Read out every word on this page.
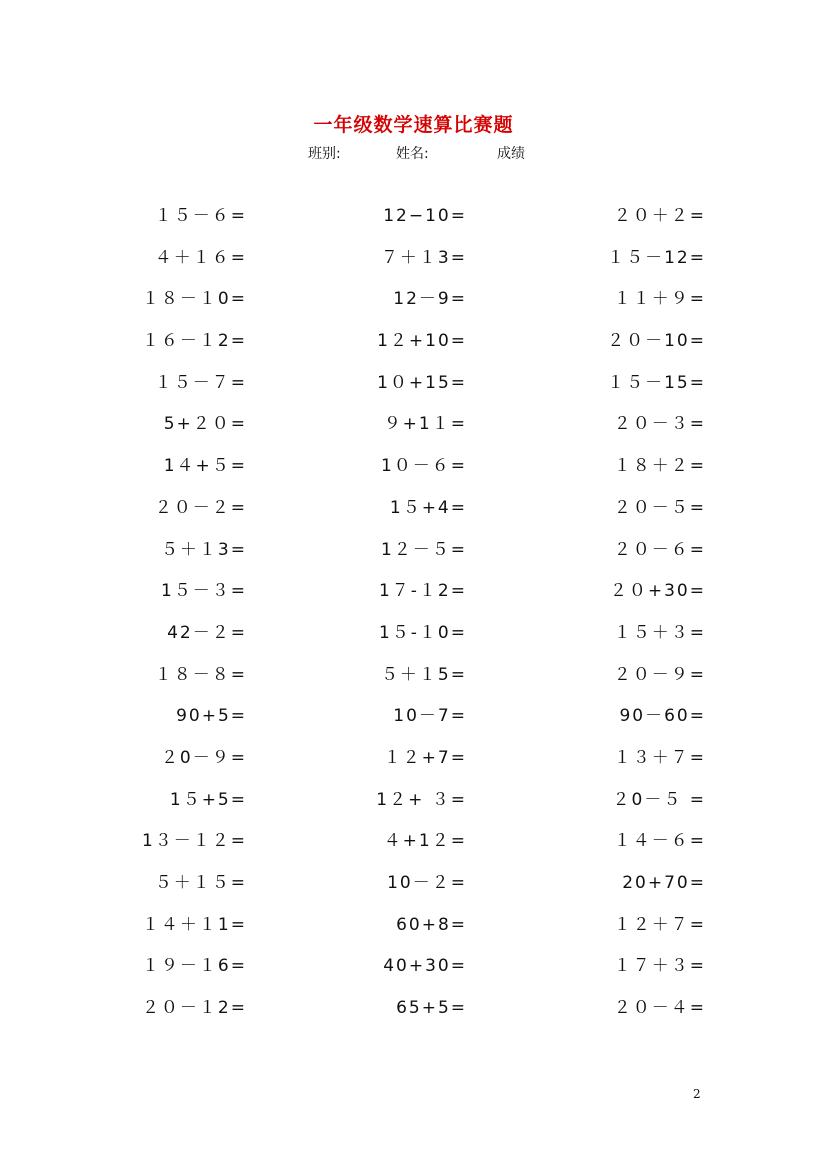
一年级数学速算比赛题
班别:	姓名:	成绩
１５－６=
４＋１６=
１８－１0=
１６－１2=
１５－７=
5+２０=
1４+５=
２０－２=
５＋１3=
1５－３=
42－２=
１８－８=
90+5=
２0－９=
1５+5=
1３－１２=
５＋１５=
１４＋１1=
１９－１6=
２０－１2=
12−10=
７＋１3=
12－9=
1２+10=
1０+15=
９+1１=
1０－６=
1５+4=
1２－５=
1７-１2=
1５-１0=
５＋１5=
10－7=
１２+7=
1２+ ３=
４+1２=
10－２=
60+8=
40+30=
65+5=
２０＋２=
１５－12=
１１＋９=
２０－10=
１５－15=
２０－３=
１８＋２=
２０－５=
２０－６=
２０+30=
１５＋３=
２０－９=
90－60=
１３＋７=
２0－５ =
１４－６=
20+70=
１２＋７=
１７＋３=
２０－４=
2
